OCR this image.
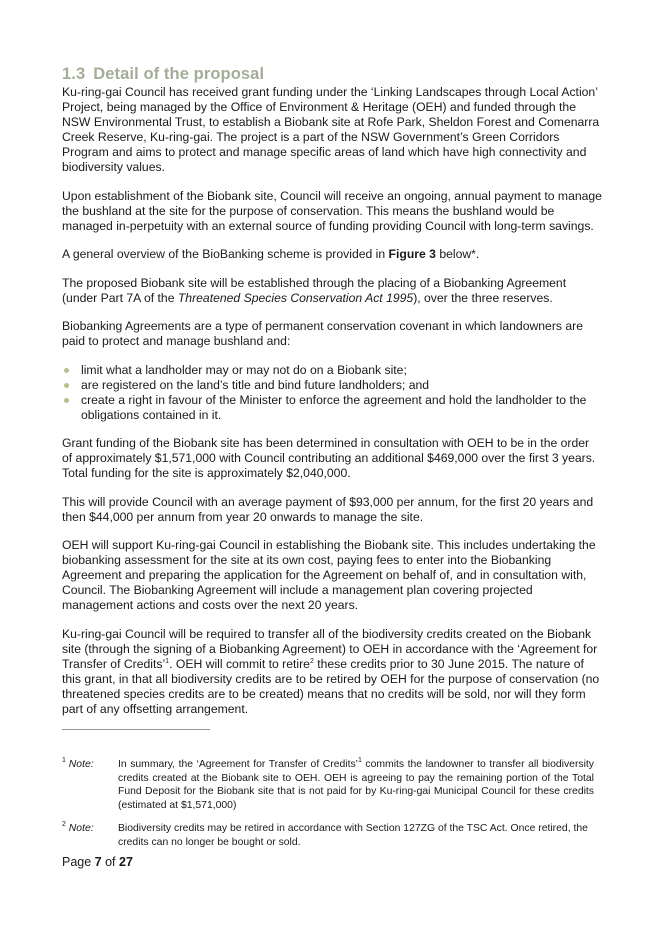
1.3 Detail of the proposal

Ku-ring-gai Council has received grant funding under the ‘Linking Landscapes through Local Action’ Project, being managed by the Office of Environment & Heritage (OEH) and funded through the NSW Environmental Trust, to establish a Biobank site at Rofe Park, Sheldon Forest and Comenarra Creek Reserve, Ku-ring-gai. The project is a part of the NSW Government’s Green Corridors Program and aims to protect and manage specific areas of land which have high connectivity and biodiversity values.

Upon establishment of the Biobank site, Council will receive an ongoing, annual payment to manage the bushland at the site for the purpose of conservation. This means the bushland would be managed in-perpetuity with an external source of funding providing Council with long-term savings.

A general overview of the BioBanking scheme is provided in Figure 3 below*.

The proposed Biobank site will be established through the placing of a Biobanking Agreement (under Part 7A of the Threatened Species Conservation Act 1995), over the three reserves.

Biobanking Agreements are a type of permanent conservation covenant in which landowners are paid to protect and manage bushland and:

limit what a landholder may or may not do on a Biobank site;
are registered on the land’s title and bind future landholders; and
create a right in favour of the Minister to enforce the agreement and hold the landholder to the obligations contained in it.

Grant funding of the Biobank site has been determined in consultation with OEH to be in the order of approximately $1,571,000 with Council contributing an additional $469,000 over the first 3 years. Total funding for the site is approximately $2,040,000.

This will provide Council with an average payment of $93,000 per annum, for the first 20 years and then $44,000 per annum from year 20 onwards to manage the site.

OEH will support Ku-ring-gai Council in establishing the Biobank site. This includes undertaking the biobanking assessment for the site at its own cost, paying fees to enter into the Biobanking Agreement and preparing the application for the Agreement on behalf of, and in consultation with, Council. The Biobanking Agreement will include a management plan covering projected management actions and costs over the next 20 years.

Ku-ring-gai Council will be required to transfer all of the biodiversity credits created on the Biobank site (through the signing of a Biobanking Agreement) to OEH in accordance with the ‘Agreement for Transfer of Credits’$^1$. OEH will commit to retire$^2$ these credits prior to 30 June 2015. The nature of this grant, in that all biodiversity credits are to be retired by OEH for the purpose of conservation (no threatened species credits are to be created) means that no credits will be sold, nor will they form part of any offsetting arrangement.

$^1$ Note:	In summary, the ‘Agreement for Transfer of Credits’$^1$ commits the landowner to transfer all biodiversity credits created at the Biobank site to OEH. OEH is agreeing to pay the remaining portion of the Total Fund Deposit for the Biobank site that is not paid for by Ku-ring-gai Municipal Council for these credits (estimated at $1,571,000)
$^2$ Note:	Biodiversity credits may be retired in accordance with Section 127ZG of the TSC Act. Once retired, the credits can no longer be bought or sold.
Page 7 of 27
